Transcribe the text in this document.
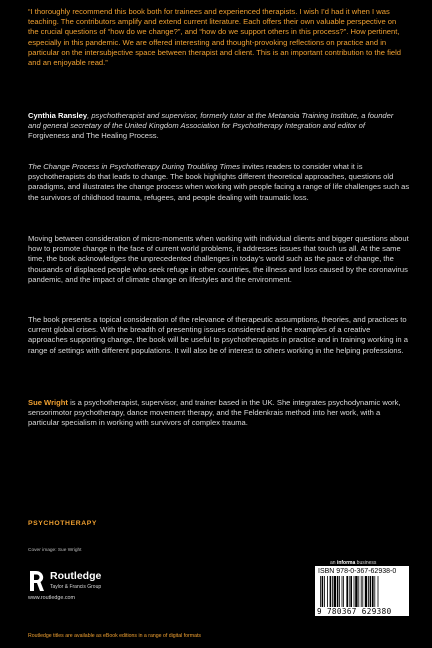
“I thoroughly recommend this book both for trainees and experienced therapists. I wish I’d had it when I was teaching. The contributors amplify and extend current literature. Each offers their own valuable perspective on the crucial questions of “how do we change?”, and “how do we support others in this process?”. How pertinent, especially in this pandemic. We are offered interesting and thought-provoking reflections on practice and in particular on the intersubjective space between therapist and client. This is an important contribution to the field and an enjoyable read.”
Cynthia Ransley, psychotherapist and supervisor, formerly tutor at the Metanoia Training Institute, a founder and general secretary of the United Kingdom Association for Psychotherapy Integration and editor of Forgiveness and The Healing Process.

The Change Process in Psychotherapy During Troubling Times invites readers to consider what it is psychotherapists do that leads to change. The book highlights different theoretical approaches, questions old paradigms, and illustrates the change process when working with people facing a range of life challenges such as the survivors of childhood trauma, refugees, and people dealing with traumatic loss.

Moving between consideration of micro-moments when working with individual clients and bigger questions about how to promote change in the face of current world problems, it addresses issues that touch us all. At the same time, the book acknowledges the unprecedented challenges in today’s world such as the pace of change, the thousands of displaced people who seek refuge in other countries, the illness and loss caused by the coronavirus pandemic, and the impact of climate change on lifestyles and the environment.

The book presents a topical consideration of the relevance of therapeutic assumptions, theories, and practices to current global crises. With the breadth of presenting issues considered and the examples of a creative approaches supporting change, the book will be useful to psychotherapists in practice and in training working in a range of settings with different populations. It will also be of interest to others working in the helping professions.

Sue Wright is a psychotherapist, supervisor, and trainer based in the UK. She integrates psychodynamic work, sensorimotor psychotherapy, dance movement therapy, and the Feldenkrais method into her work, with a particular specialism in working with survivors of complex trauma.

PSYCHOTHERAPY
Cover image: Sue Wright
Routledge
Taylor & Francis Group
www.routledge.com
an informa business
ISBN 978-0-367-62938-0
9 780367 629380
Routledge titles are available as eBook editions in a range of digital formats
